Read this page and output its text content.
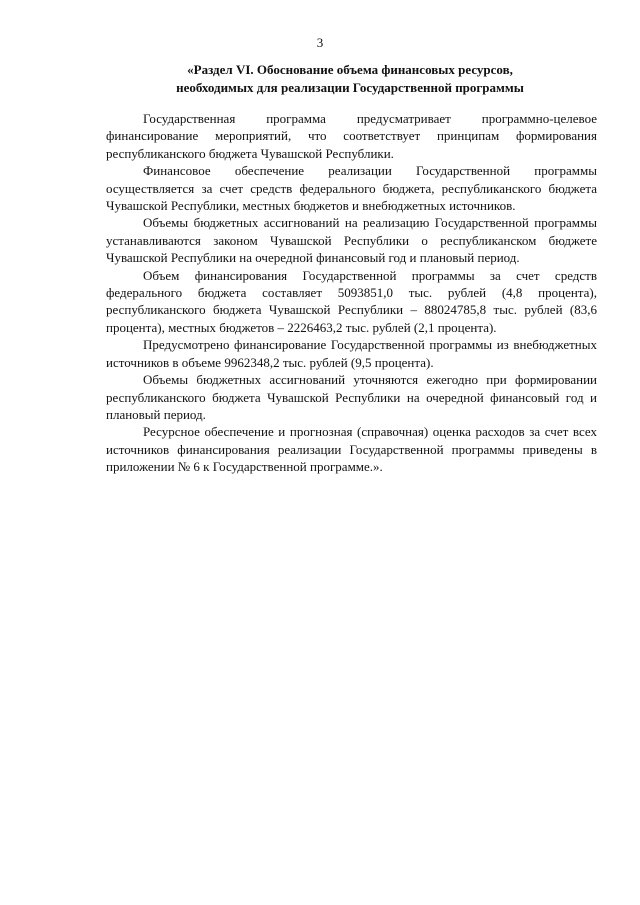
3
«Раздел VI. Обоснование объема финансовых ресурсов,
необходимых для реализации Государственной программы

Государственная программа предусматривает программно-целевое финансирование мероприятий, что соответствует принципам формирования республиканского бюджета Чувашской Республики.

Финансовое обеспечение реализации Государственной программы осуществляется за счет средств федерального бюджета, республиканского бюджета Чувашской Республики, местных бюджетов и внебюджетных источников.

Объемы бюджетных ассигнований на реализацию Государственной программы устанавливаются законом Чувашской Республики о республиканском бюджете Чувашской Республики на очередной финансовый год и плановый период.

Объем финансирования Государственной программы за счет средств федерального бюджета составляет 5093851,0 тыс. рублей (4,8 процента), республиканского бюджета Чувашской Республики – 88024785,8 тыс. рублей (83,6 процента), местных бюджетов – 2226463,2 тыс. рублей (2,1 процента).

Предусмотрено финансирование Государственной программы из внебюджетных источников в объеме 9962348,2 тыс. рублей (9,5 процента).

Объемы бюджетных ассигнований уточняются ежегодно при формировании республиканского бюджета Чувашской Республики на очередной финансовый год и плановый период.

Ресурсное обеспечение и прогнозная (справочная) оценка расходов за счет всех источников финансирования реализации Государственной программы приведены в приложении № 6 к Государственной программе.».
